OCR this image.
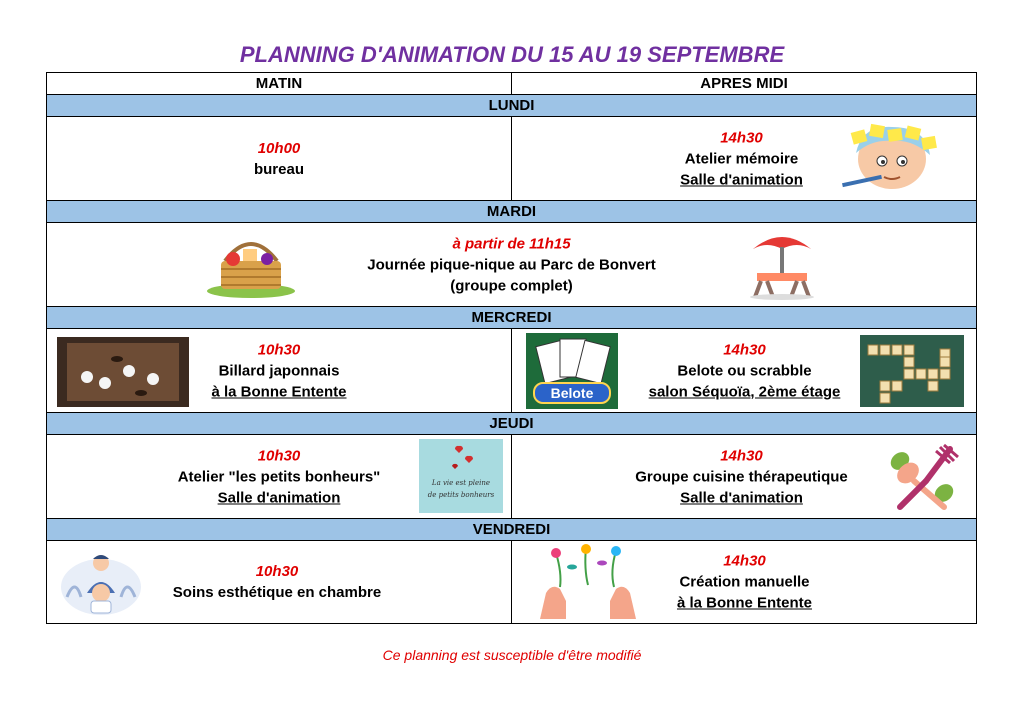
PLANNING D'ANIMATION DU 15 AU 19 SEPTEMBRE
MATIN	APRES MIDI
LUNDI
10h00
bureau
14h30
Atelier mémoire
Salle d'animation
MARDI
à partir de 11h15
Journée pique-nique au Parc de Bonvert
(groupe complet)
MERCREDI
10h30
Billard japonnais
à la Bonne Entente	Belote
14h30
Belote ou scrabble
salon Séquoïa, 2ème étage
JEUDI
10h30
Atelier "les petits bonheurs"
Salle d'animation
La vie est pleine
de petits bonheurs
14h30
Groupe cuisine thérapeutique
Salle d'animation
VENDREDI
10h30
Soins esthétique en chambre
14h30
Création manuelle
à la Bonne Entente
Ce planning est susceptible d'être modifié
